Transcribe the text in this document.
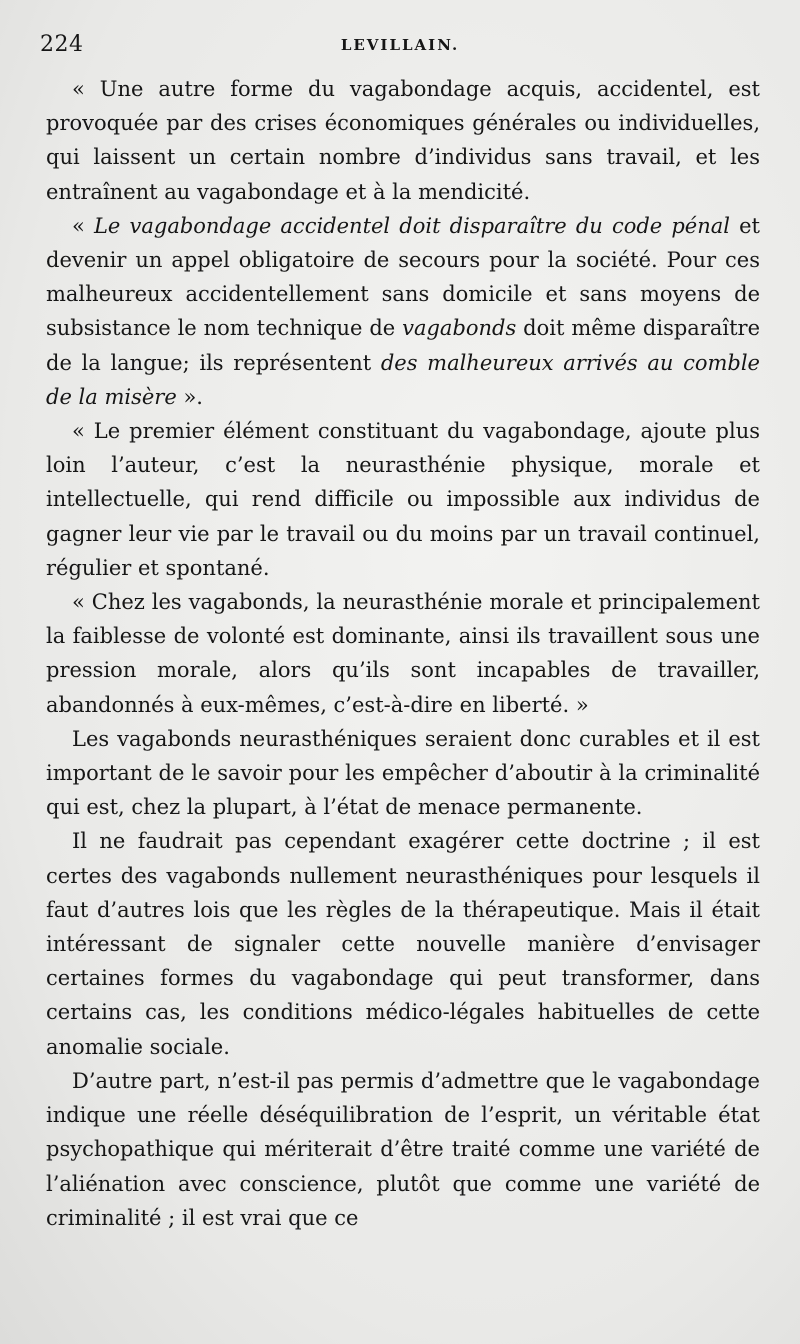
224	LEVILLAIN.

« Une autre forme du vagabondage acquis, accidentel, est provoquée par des crises économiques générales ou individuelles, qui laissent un certain nombre d’individus sans travail, et les entraînent au vagabondage et à la mendicité.

« Le vagabondage accidentel doit disparaître du code pénal et devenir un appel obligatoire de secours pour la société. Pour ces malheureux accidentellement sans domicile et sans moyens de subsistance le nom technique de vagabonds doit même disparaître de la langue; ils représentent des malheureux arrivés au comble de la misère ».

« Le premier élément constituant du vagabondage, ajoute plus loin l’auteur, c’est la neurasthénie physique, morale et intellectuelle, qui rend difficile ou impossible aux individus de gagner leur vie par le travail ou du moins par un travail continuel, régulier et spontané.

« Chez les vagabonds, la neurasthénie morale et principalement la faiblesse de volonté est dominante, ainsi ils travaillent sous une pression morale, alors qu’ils sont incapables de travailler, abandonnés à eux-mêmes, c’est-à-dire en liberté. »

Les vagabonds neurasthéniques seraient donc curables et il est important de le savoir pour les empêcher d’aboutir à la criminalité qui est, chez la plupart, à l’état de menace permanente.

Il ne faudrait pas cependant exagérer cette doctrine ; il est certes des vagabonds nullement neurasthéniques pour lesquels il faut d’autres lois que les règles de la thérapeutique. Mais il était intéressant de signaler cette nouvelle manière d’envisager certaines formes du vagabondage qui peut transformer, dans certains cas, les conditions médico-légales habituelles de cette anomalie sociale.

D’autre part, n’est-il pas permis d’admettre que le vagabondage indique une réelle déséquilibration de l’esprit, un véritable état psychopathique qui mériterait d’être traité comme une variété de l’aliénation avec conscience, plutôt que comme une variété de criminalité ; il est vrai que ce
